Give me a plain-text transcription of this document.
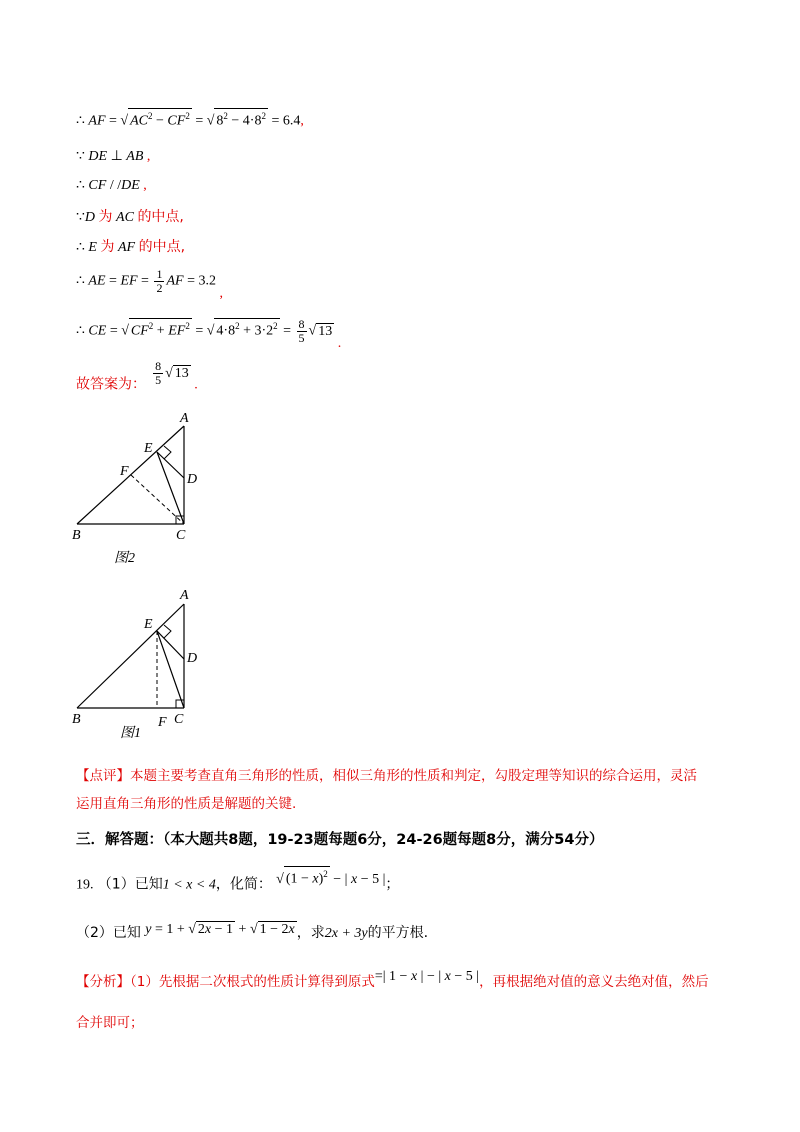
∴ AF = √ $AC^2 - CF^2$ = √ $8^2 - 4\cdot 8^2 = 6.4$,
∵ DE ⊥ AB ,
∴ CF / /DE ,
∵D 为 AC 的中点,
∴ E 为 AF 的中点,
∴ AE = EF = $\frac{1}{2}$ AF = 3.2 ,
∴ CE = √ $CF^2 + EF^2$ = √ $4\cdot 8^2 + 3\cdot 2^2 = \frac{8}{5}$ √ 13 .
故答案为： $\frac{8}{5}$ √ 13 .
A
E
F
D
B	C
图2
A
E
D
B	F C
图1
【点评】本题主要考查直角三角形的性质，相似三角形的性质和判定，勾股定理等知识的综合运用，灵活
运用直角三角形的性质是解题的关键.
三．解答题：（本大题共8题，19-23题每题6分，24-26题每题8分，满分54分）
19. （1）已知1 < x < 4，化简： √ $(1 - x)^2$ − | x − 5 |；
（2）已知 y = 1 + √ 2x − 1 + √ 1 − 2x ，求2x + 3y的平方根.
【分析】（1）先根据二次根式的性质计算得到原式=| 1 − x | − | x − 5 |，再根据绝对值的意义去绝对值，然后
合并即可；
